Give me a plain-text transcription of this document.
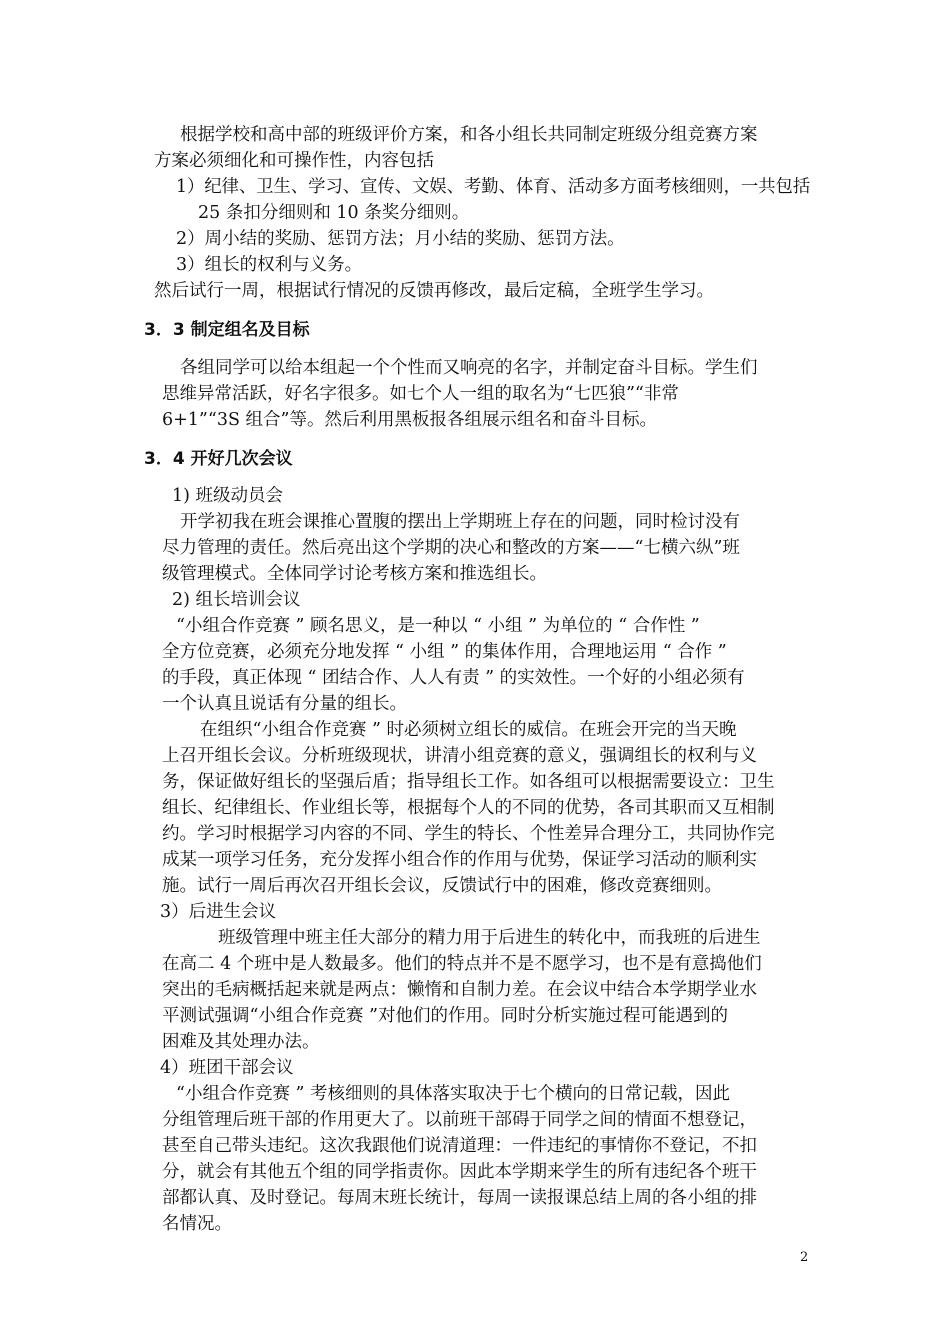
根据学校和高中部的班级评价方案，和各小组长共同制定班级分组竞赛方案
方案必须细化和可操作性，内容包括
1）纪律、卫生、学习、宣传、文娱、考勤、体育、活动多方面考核细则，一共包括
25 条扣分细则和 10 条奖分细则。
2）周小结的奖励、惩罚方法；月小结的奖励、惩罚方法。
3）组长的权利与义务。
然后试行一周，根据试行情况的反馈再修改，最后定稿，全班学生学习。
3．3 制定组名及目标
各组同学可以给本组起一个个性而又响亮的名字，并制定奋斗目标。学生们
思维异常活跃，好名字很多。如七个人一组的取名为“七匹狼”“非常
6+1”“3S 组合”等。然后利用黑板报各组展示组名和奋斗目标。
3．4 开好几次会议
1) 班级动员会
开学初我在班会课推心置腹的摆出上学期班上存在的问题，同时检讨没有
尽力管理的责任。然后亮出这个学期的决心和整改的方案——“七横六纵”班
级管理模式。全体同学讨论考核方案和推选组长。
2) 组长培训会议
“小组合作竞赛 ” 顾名思义，是一种以 “ 小组 ” 为单位的 “ 合作性 ”
全方位竞赛，必须充分地发挥 “ 小组 ” 的集体作用，合理地运用 “ 合作 ”
的手段，真正体现 “ 团结合作、人人有责 ” 的实效性。一个好的小组必须有
一个认真且说话有分量的组长。
在组织“小组合作竞赛 ” 时必须树立组长的威信。在班会开完的当天晚
上召开组长会议。分析班级现状，讲清小组竞赛的意义，强调组长的权利与义
务，保证做好组长的坚强后盾；指导组长工作。如各组可以根据需要设立：卫生
组长、纪律组长、作业组长等，根据每个人的不同的优势，各司其职而又互相制
约。学习时根据学习内容的不同、学生的特长、个性差异合理分工，共同协作完
成某一项学习任务，充分发挥小组合作的作用与优势，保证学习活动的顺利实
施。试行一周后再次召开组长会议，反馈试行中的困难，修改竞赛细则。
3）后进生会议
班级管理中班主任大部分的精力用于后进生的转化中，而我班的后进生
在高二 4 个班中是人数最多。他们的特点并不是不愿学习，也不是有意捣他们
突出的毛病概括起来就是两点：懒惰和自制力差。在会议中结合本学期学业水
平测试强调“小组合作竞赛 ”对他们的作用。同时分析实施过程可能遇到的
困难及其处理办法。
4）班团干部会议
“小组合作竞赛 ” 考核细则的具体落实取决于七个横向的日常记载，因此
分组管理后班干部的作用更大了。以前班干部碍于同学之间的情面不想登记，
甚至自己带头违纪。这次我跟他们说清道理：一件违纪的事情你不登记，不扣
分，就会有其他五个组的同学指责你。因此本学期来学生的所有违纪各个班干
部都认真、及时登记。每周末班长统计，每周一读报课总结上周的各小组的排
名情况。
2
